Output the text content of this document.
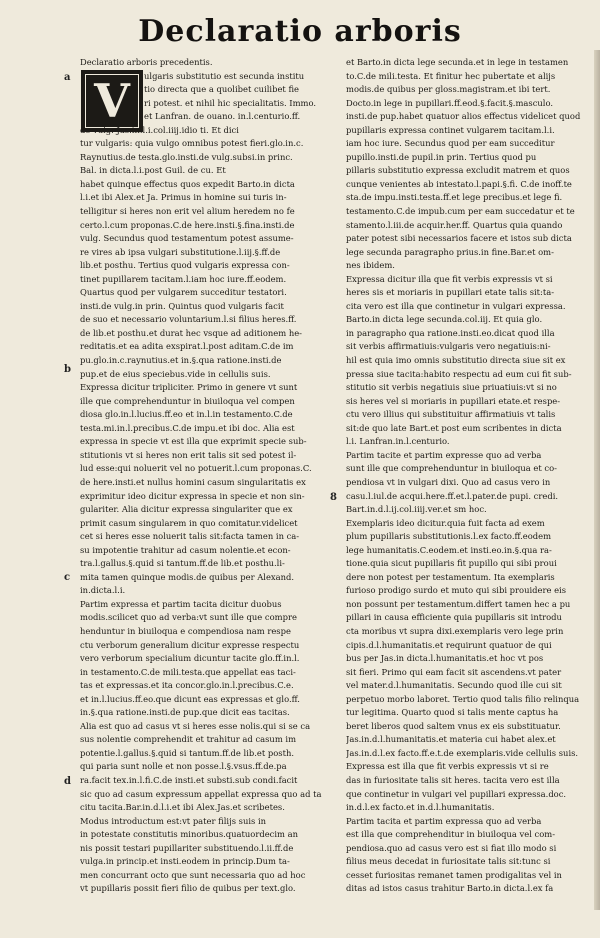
Declaratio arboris
a
b
c
d
8
V
Declaratio arboris precedentis.
ulgaris substitutio est secunda institu
tio directa que a quolibet cuilibet fie
ri potest. et nihil hic specialitatis. Immo.
et Lanfran. de ouano. in.l.centurio.ff.
de vulg. Jas.in.l.i.col.iiij.idio ti. Et dici
tur vulgaris: quia vulgo omnibus potest fieri.glo.in.c.
Raynutius.de testa.glo.insti.de vulg.subsi.in princ.
Bal. in dicta.l.i.post Guil. de cu. Et
habet quinque effectus quos expedit Barto.in dicta
l.i.et ibi Alex.et Ja. Primus in homine sui turis in-
telligitur si heres non erit vel alium heredem no fe
certo.l.cum proponas.C.de here.insti.§.fina.insti.de
vulg. Secundus quod testamentum potest assume-
re vires ab ipsa vulgari substitutione.l.iij.§.ff.de
lib.et posthu. Tertius quod vulgaris expressa con-
tinet pupillarem tacitam.l.iam hoc iure.ff.eodem.
Quartus quod per vulgarem succeditur testatori.
insti.de vulg.in prin. Quintus quod vulgaris facit
de suo et necessario voluntarium.l.si filius heres.ff.
de lib.et posthu.et durat hec vsque ad aditionem he-
reditatis.et ea adita exspirat.l.post aditam.C.de im
pu.glo.in.c.raynutius.et in.§.qua ratione.insti.de
pup.et de eius speciebus.vide in cellulis suis.
Expressa dicitur tripliciter. Primo in genere vt sunt
ille que comprehenduntur in biuiloqua vel compen
diosa glo.in.l.lucius.ff.eo et in.l.in testamento.C.de
testa.mi.in.l.precibus.C.de impu.et ibi doc. Alia est
expressa in specie vt est illa que exprimit specie sub-
stitutionis vt si heres non erit talis sit sed potest il-
lud esse:qui noluerit vel no potuerit.l.cum proponas.C.
de here.insti.et nullus homini casum singularitatis ex
exprimitur ideo dicitur expressa in specie et non sin-
gulariter. Alia dicitur expressa singulariter que ex
primit casum singularem in quo comitatur.videlicet
cet si heres esse noluerit talis sit:facta tamen in ca-
su impotentie trahitur ad casum nolentie.et econ-
tra.l.gallus.§.quid si tantum.ff.de lib.et posthu.li-
mita tamen quinque modis.de quibus per Alexand.
in.dicta.l.i.
Partim expressa et partim tacita dicitur duobus
modis.scilicet quo ad verba:vt sunt ille que compre
henduntur in biuiloqua e compendiosa nam respe
ctu verborum generalium dicitur expresse respectu
vero verborum specialium dicuntur tacite glo.ff.in.l.
in testamento.C.de mili.testa.que appellat eas taci-
tas et expressas.et ita concor.glo.in.l.precibus.C.e.
et in.l.lucius.ff.eo.que dicunt eas expressas et glo.ff.
in.§.qua ratione.insti.de pup.que dicit eas tacitas.
Alia est quo ad casus vt si heres esse nolis.qui si se ca
sus nolentie comprehendit et trahitur ad casum im
potentie.l.gallus.§.quid si tantum.ff.de lib.et posth.
qui paria sunt nolle et non posse.l.§.vsus.ff.de.pa
ra.facit tex.in.l.fi.C.de insti.et substi.sub condi.facit
sic quo ad casum expressum appellat expressa quo ad ta
citu tacita.Bar.in.d.l.i.et ibi Alex.Jas.et scribetes.
Modus introductum est:vt pater filijs suis in
in potestate constitutis minoribus.quatuordecim an
nis possit testari pupillariter substituendo.l.ii.ff.de
vulga.in princip.et insti.eodem in princip.Dum ta-
men concurrant octo que sunt necessaria quo ad hoc
vt pupillaris possit fieri filio de quibus per text.glo.
et Barto.in dicta lege secunda.et in lege in testamen
to.C.de mili.testa. Et finitur hec pubertate et alijs
modis.de quibus per gloss.magistram.et ibi tert.
Docto.in lege in pupillari.ff.eod.§.facit.§.masculo.
insti.de pup.habet quatuor alios effectus videlicet quod
pupillaris expressa continet vulgarem tacitam.l.i.
iam hoc iure. Secundus quod per eam succeditur
pupillo.insti.de pupil.in prin. Tertius quod pu
pillaris substitutio expressa excludit matrem et quos
cunque venientes ab intestato.l.papi.§.fi. C.de inoff.te
sta.de impu.insti.testa.ff.et lege precibus.et lege fi.
testamento.C.de impub.cum per eam succedatur et te
stamento.l.iii.de acquir.her.ff. Quartus quia quando
pater potest sibi necessarios facere et istos sub dicta
lege secunda paragrapho prius.in fine.Bar.et om-
nes ibidem.
Expressa dicitur illa que fit verbis expressis vt si
heres sis et moriaris in pupillari etate talis sit:ta-
cita vero est illa que continetur in vulgari expressa.
Barto.in dicta lege secunda.col.iij. Et quia glo.
in paragrapho qua ratione.insti.eo.dicat quod illa
sit verbis affirmatiuis:vulgaris vero negatiuis:ni-
hil est quia imo omnis substitutio directa siue sit ex
pressa siue tacita:habito respectu ad eum cui fit sub-
stitutio sit verbis negatiuis siue priuatiuis:vt si no
sis heres vel si moriaris in pupillari etate.et respe-
ctu vero illius qui substituitur affirmatiuis vt talis
sit:de quo late Bart.et post eum scribentes in dicta
l.i. Lanfran.in.l.centurio.
Partim tacite et partim expresse quo ad verba
sunt ille que comprehenduntur in biuiloqua et co-
pendiosa vt in vulgari dixi. Quo ad casus vero in
casu.l.iul.de acqui.here.ff.et.l.pater.de pupi. credi.
Bart.in.d.l.ij.col.iiij.ver.et sm hoc.
Exemplaris ideo dicitur.quia fuit facta ad exem
plum pupillaris substitutionis.l.ex facto.ff.eodem
lege humanitatis.C.eodem.et insti.eo.in.§.qua ra-
tione.quia sicut pupillaris fit pupillo qui sibi proui
dere non potest per testamentum. Ita exemplaris
furioso prodigo surdo et muto qui sibi prouidere eis
non possunt per testamentum.differt tamen hec a pu
pillari in causa efficiente quia pupillaris sit introdu
cta moribus vt supra dixi.exemplaris vero lege prin
cipis.d.l.humanitatis.et requirunt quatuor de qui
bus per Jas.in dicta.l.humanitatis.et hoc vt pos
sit fieri. Primo qui eam facit sit ascendens.vt pater
vel mater.d.l.humanitatis. Secundo quod ille cui sit
perpetuo morbo laboret. Tertio quod talis filio relinqua
tur legitima. Quarto quod si talis mente captus ha
beret liberos quod saltem vnus ex eis substituatur.
Jas.in.d.l.humanitatis.et materia cui habet alex.et
Jas.in.d.l.ex facto.ff.e.t.de exemplaris.vide cellulis suis.
Expressa est illa que fit verbis expressis vt si re
das in furiositate talis sit heres. tacita vero est illa
que continetur in vulgari vel pupillari expressa.doc.
in.d.l.ex facto.et in.d.l.humanitatis.
Partim tacita et partim expressa quo ad verba
est illa que comprehenditur in biuiloqua vel com-
pendiosa.quo ad casus vero est si fiat illo modo si
filius meus decedat in furiositate talis sit:tunc si
cesset furiositas remanet tamen prodigalitas vel in
ditas ad istos casus trahitur Barto.in dicta.l.ex fa
